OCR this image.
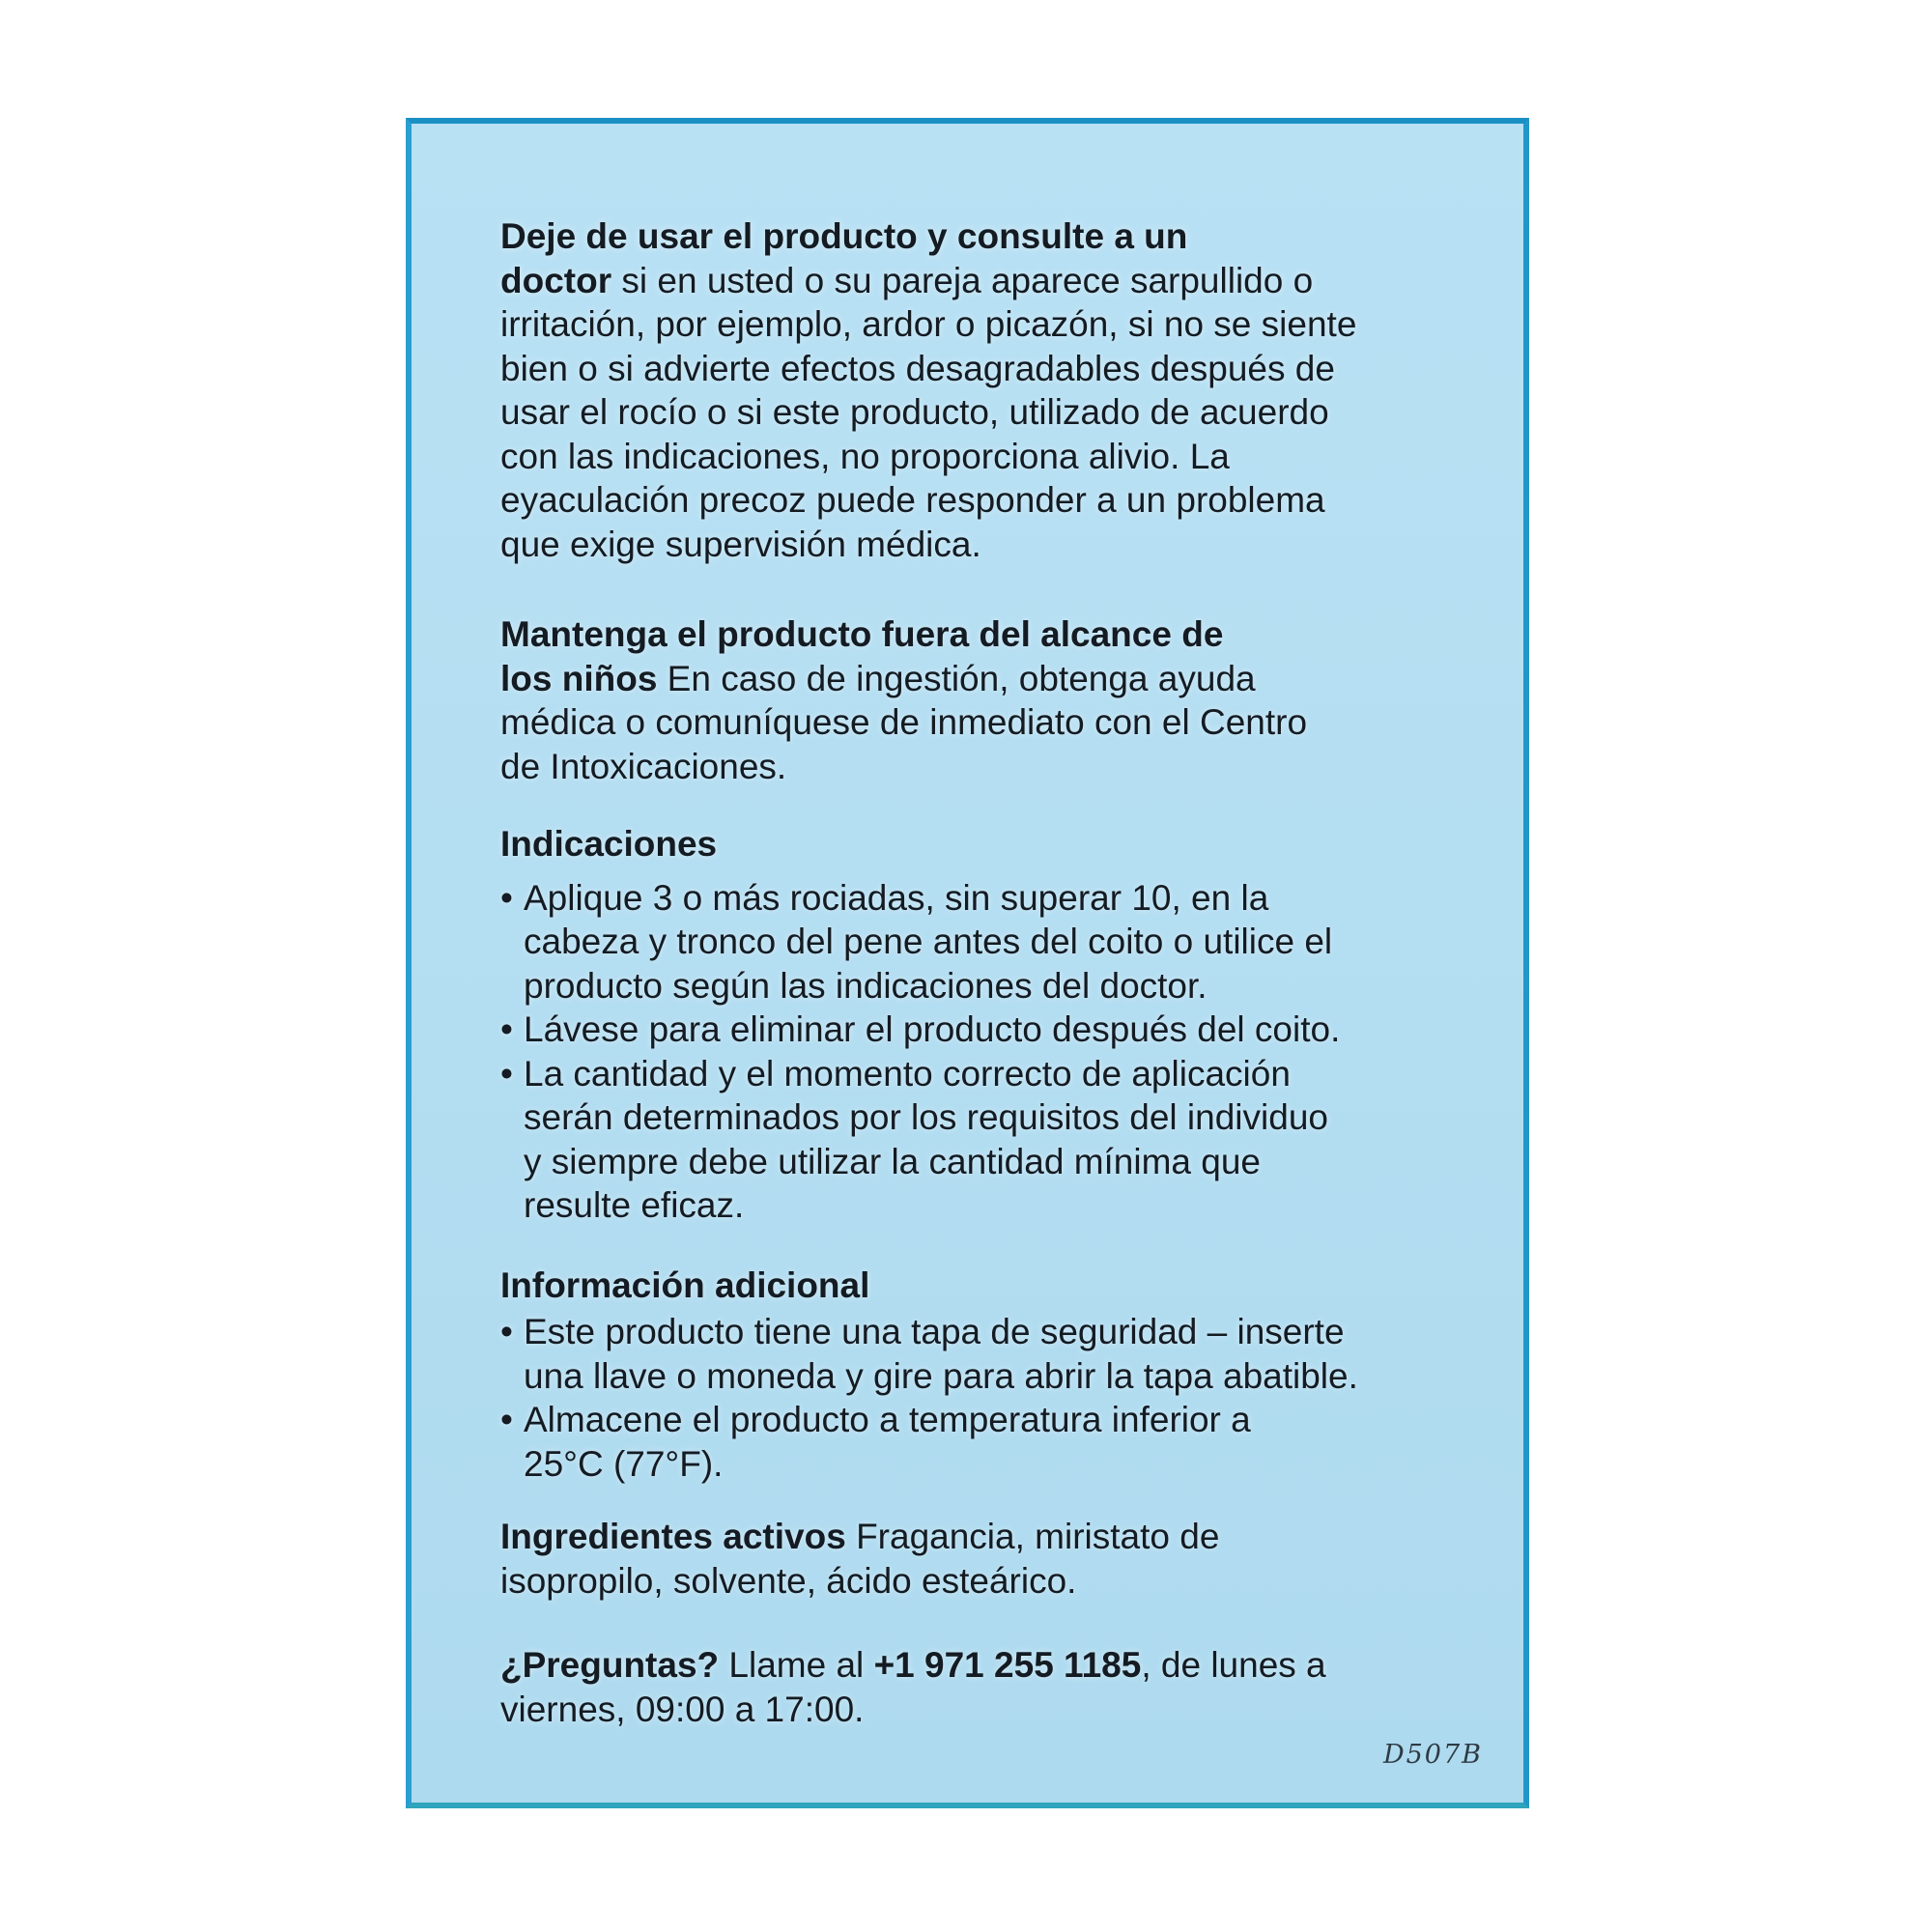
Deje de usar el producto y consulte a un
doctor si en usted o su pareja aparece sarpullido o
irritación, por ejemplo, ardor o picazón, si no se siente
bien o si advierte efectos desagradables después de
usar el rocío o si este producto, utilizado de acuerdo
con las indicaciones, no proporciona alivio. La
eyaculación precoz puede responder a un problema
que exige supervisión médica.
Mantenga el producto fuera del alcance de
los niños En caso de ingestión, obtenga ayuda
médica o comuníquese de inmediato con el Centro
de Intoxicaciones.
Indicaciones
• Aplique 3 o más rociadas, sin superar 10, en la
cabeza y tronco del pene antes del coito o utilice el
producto según las indicaciones del doctor.
• Lávese para eliminar el producto después del coito.
• La cantidad y el momento correcto de aplicación
serán determinados por los requisitos del individuo
y siempre debe utilizar la cantidad mínima que
resulte eficaz.
Información adicional
• Este producto tiene una tapa de seguridad – inserte
una llave o moneda y gire para abrir la tapa abatible.
• Almacene el producto a temperatura inferior a
25°C (77°F).
Ingredientes activos Fragancia, miristato de
isopropilo, solvente, ácido esteárico.
¿Preguntas? Llame al +1 971 255 1185, de lunes a
viernes, 09:00 a 17:00.
D507B
